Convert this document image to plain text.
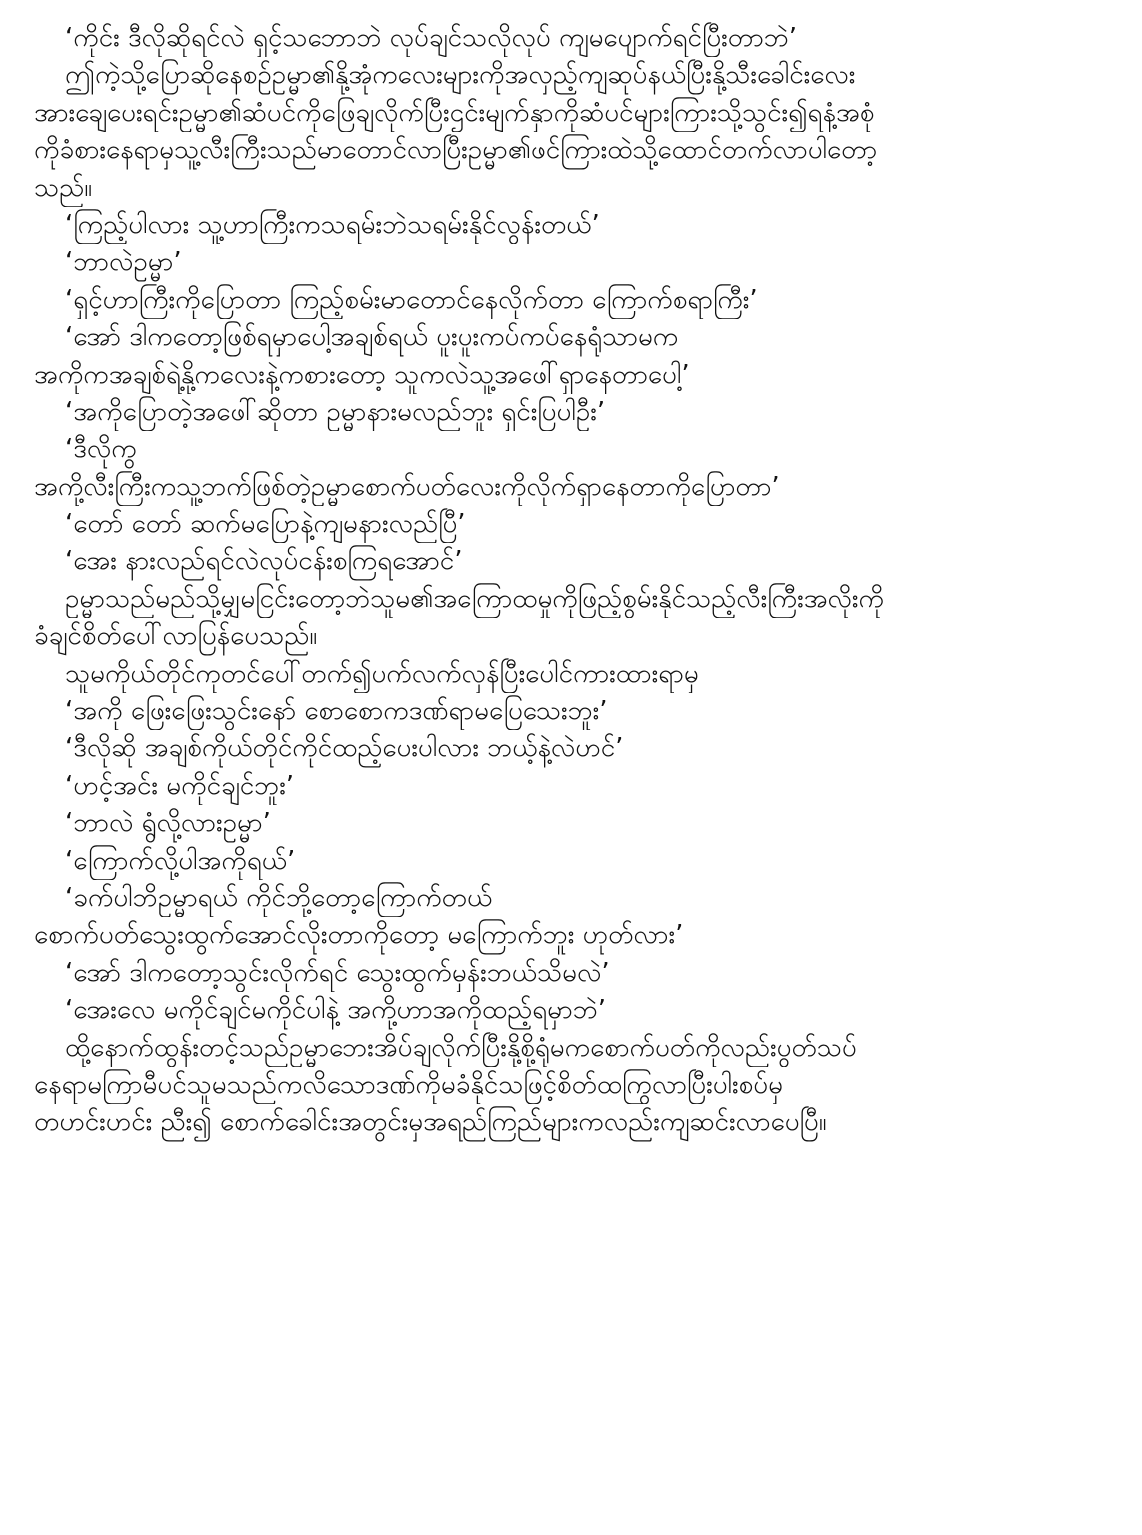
‘ကိုင်း ဒီလိုဆိုရင်လဲ ရှင့်သဘောဘဲ လုပ်ချင်သလိုလုပ် ကျမပျောက်ရင်ပြီးတာဘဲ’
ဤကဲ့သို့ပြောဆိုနေစဉ်ဥမ္မာ၏နို့အုံကလေးများကိုအလှည့်ကျဆုပ်နယ်ပြီးနို့သီးခေါင်းလေး
အားချေပေးရင်းဥမ္မာ၏ဆံပင်ကိုဖြေချလိုက်ပြီးဌင်းမျက်နှာကိုဆံပင်များကြားသို့သွင်း၍ရနံ့အစုံ
ကိုခံစားနေရာမှသူ့လီးကြီးသည်မာတောင်လာပြီးဥမ္မာ၏ဖင်ကြားထဲသို့ထောင်တက်လာပါတော့
သည်။
‘ကြည့်ပါလား သူ့ဟာကြီးကသရမ်းဘဲသရမ်းနိုင်လွန်းတယ်’
‘ဘာလဲဥမ္မာ’
‘ရှင့်ဟာကြီးကိုပြောတာ ကြည့်စမ်းမာတောင်နေလိုက်တာ ကြောက်စရာကြီး’
‘အော် ဒါကတော့ဖြစ်ရမှာပေါ့အချစ်ရယ် ပူးပူးကပ်ကပ်နေရုံသာမက
အကိုကအချစ်ရဲ့နို့ကလေးနဲ့ကစားတော့ သူကလဲသူ့အဖေါ်ရှာနေတာပေါ့’
‘အကိုပြောတဲ့အဖေါ်ဆိုတာ ဥမ္မာနားမလည်ဘူး ရှင်းပြပါဦး’
‘ဒီလိုကွ
အကို့လီးကြီးကသူ့ဘက်ဖြစ်တဲ့ဥမ္မာစောက်ပတ်လေးကိုလိုက်ရှာနေတာကိုပြောတာ’
‘တော် တော် ဆက်မပြောနဲ့ကျမနားလည်ပြီ’
‘အေး နားလည်ရင်လဲလုပ်ငန်းစကြရအောင်’
ဥမ္မာသည်မည်သို့မျှမငြင်းတော့ဘဲသူမ၏အကြောထမှုကိုဖြည့်စွမ်းနိုင်သည့်လီးကြီးအလိုးကို
ခံချင်စိတ်ပေါ်လာပြန်ပေသည်။
သူမကိုယ်တိုင်ကုတင်ပေါ်တက်၍ပက်လက်လှန်ပြီးပေါင်ကားထားရာမှ
‘အကို ဖြေးဖြေးသွင်းနော် စောစောကဒဏ်ရာမပြေသေးဘူး’
‘ဒီလိုဆို အချစ်ကိုယ်တိုင်ကိုင်ထည့်ပေးပါလား ဘယ့်နဲ့လဲဟင်’
‘ဟင့်အင်း မကိုင်ချင်ဘူး’
‘ဘာလဲ ရွံလို့လားဥမ္မာ’
‘ကြောက်လို့ပါအကိုရယ်’
‘ခက်ပါဘိဥမ္မာရယ် ကိုင်ဘို့တော့ကြောက်တယ်
စောက်ပတ်သွေးထွက်အောင်လိုးတာကိုတော့ မကြောက်ဘူး ဟုတ်လား’
‘အော် ဒါကတော့သွင်းလိုက်ရင် သွေးထွက်မှန်းဘယ်သိမလဲ’
‘အေးလေ မကိုင်ချင်မကိုင်ပါနဲ့ အကို့ဟာအကိုထည့်ရမှာဘဲ’
ထို့နောက်ထွန်းတင့်သည်ဥမ္မာဘေးအိပ်ချလိုက်ပြီးနို့စို့ရုံမကစောက်ပတ်ကိုလည်းပွတ်သပ်
နေရာမကြာမီပင်သူမသည်ကလိသောဒဏ်ကိုမခံနိုင်သဖြင့်စိတ်ထကြွလာပြီးပါးစပ်မှ
တဟင်းဟင်း ညီး၍ စောက်ခေါင်းအတွင်းမှအရည်ကြည်များကလည်းကျဆင်းလာပေပြီ။
